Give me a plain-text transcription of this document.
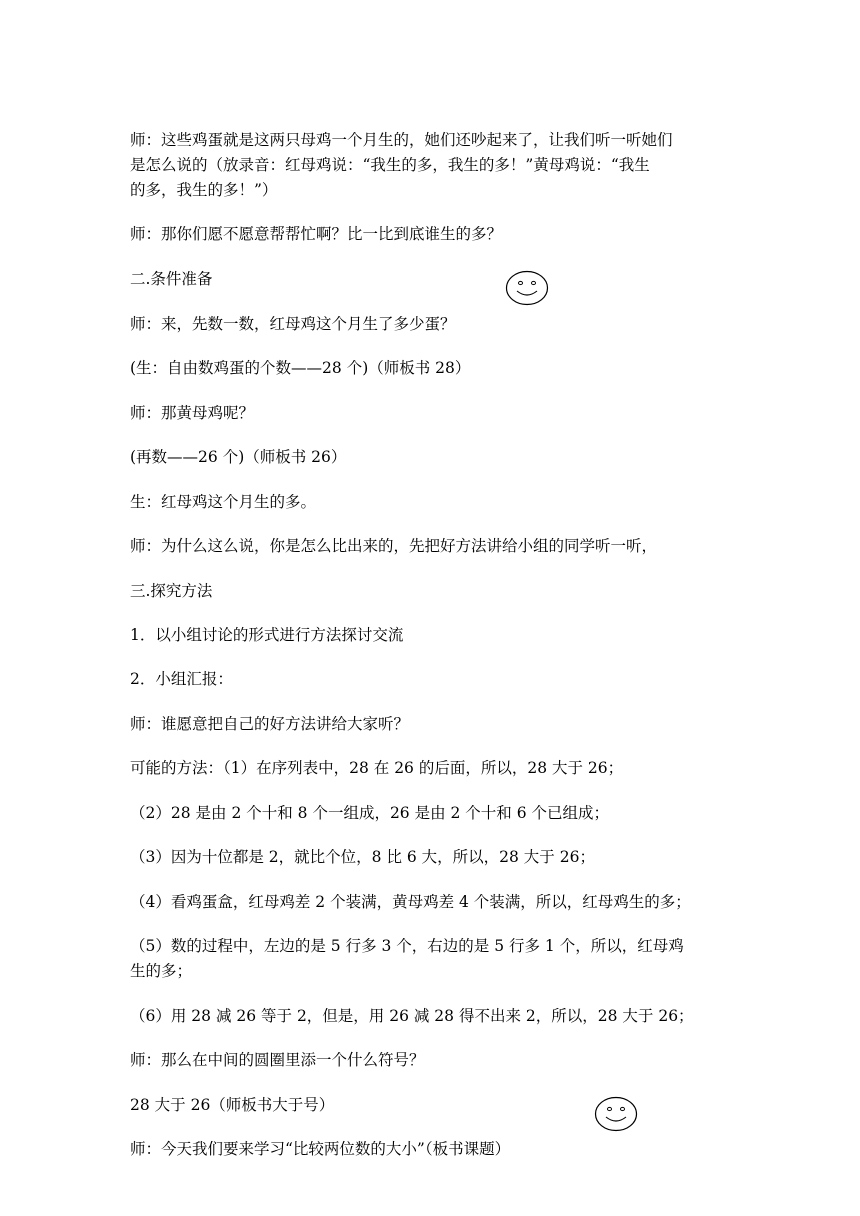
师：这些鸡蛋就是这两只母鸡一个月生的，她们还吵起来了，让我们听一听她们
是怎么说的（放录音：红母鸡说：“我生的多，我生的多！”黄母鸡说：“我生
的多，我生的多！”）
师：那你们愿不愿意帮帮忙啊？比一比到底谁生的多？
二.条件准备
师：来，先数一数，红母鸡这个月生了多少蛋？
(生：自由数鸡蛋的个数——28 个)（师板书 28）
师：那黄母鸡呢？
(再数——26 个)（师板书 26）
生：红母鸡这个月生的多。
师：为什么这么说，你是怎么比出来的，先把好方法讲给小组的同学听一听，
三.探究方法
1．以小组讨论的形式进行方法探讨交流
2．小组汇报：
师：谁愿意把自己的好方法讲给大家听？
可能的方法：（1）在序列表中，28 在 26 的后面，所以，28 大于 26；
（2）28 是由 2 个十和 8 个一组成，26 是由 2 个十和 6 个已组成；
（3）因为十位都是 2，就比个位，8 比 6 大，所以，28 大于 26；
（4）看鸡蛋盒，红母鸡差 2 个装满，黄母鸡差 4 个装满，所以，红母鸡生的多；
（5）数的过程中，左边的是 5 行多 3 个，右边的是 5 行多 1 个，所以，红母鸡
生的多；
（6）用 28 减 26 等于 2，但是，用 26 减 28 得不出来 2，所以，28 大于 26；
师：那么在中间的圆圈里添一个什么符号？
28 大于 26（师板书大于号）
师：今天我们要来学习“比较两位数的大小”（板书课题）
